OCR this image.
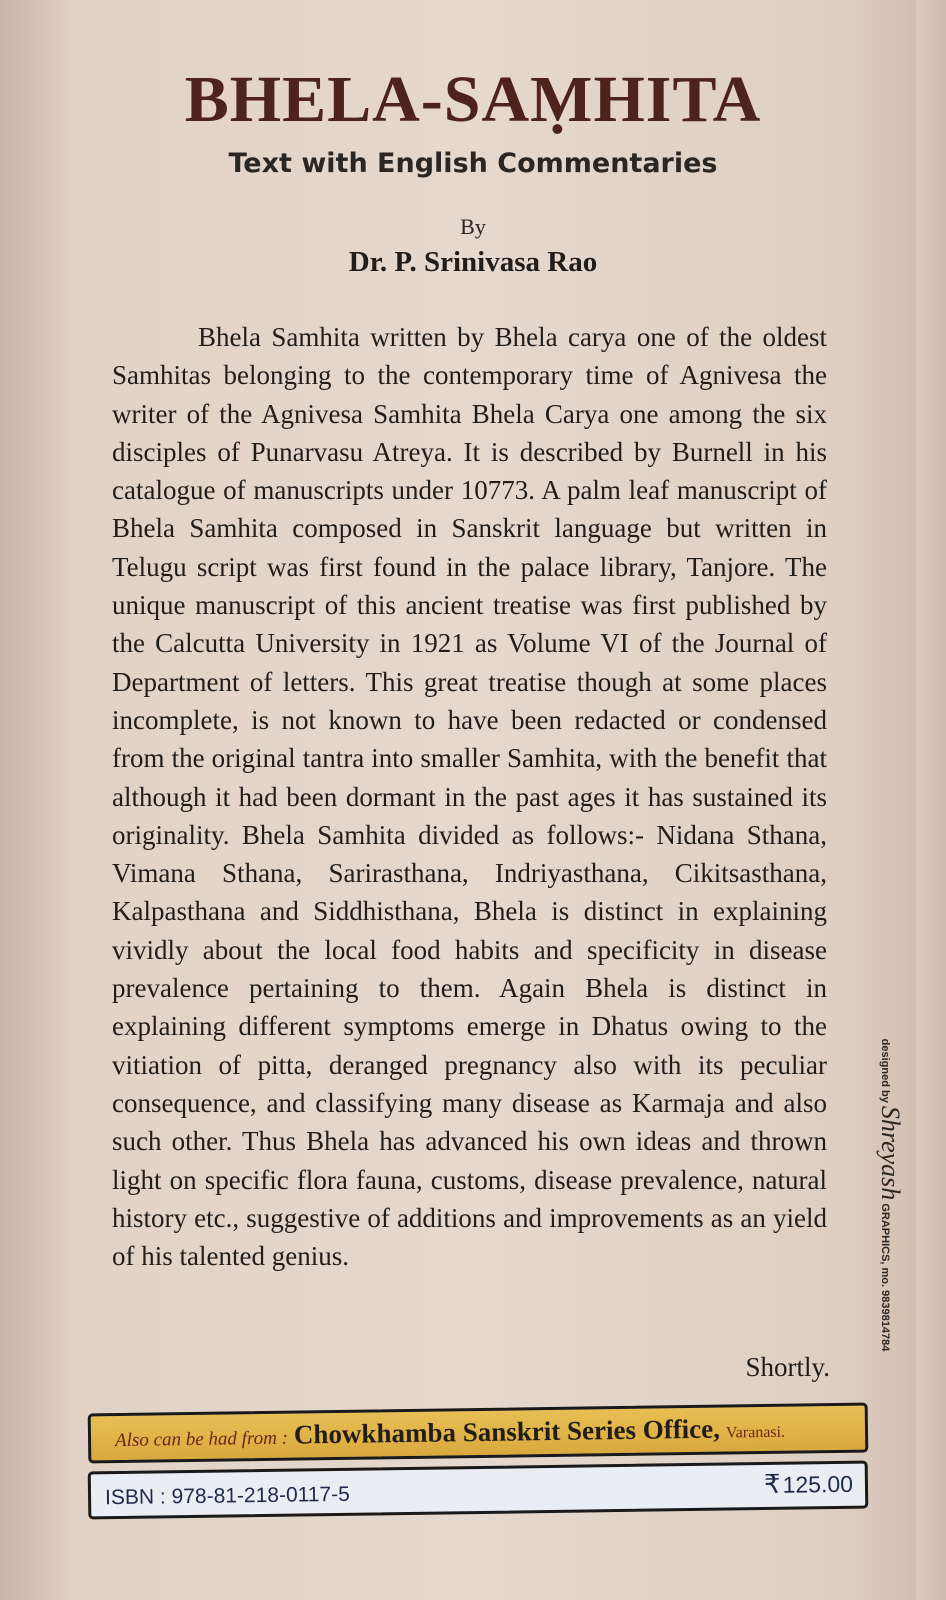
BHELA-SAṂHITA
Text with English Commentaries
By
Dr. P. Srinivasa Rao

Bhela Samhita written by Bhela carya one of the oldest Samhitas belonging to the contemporary time of Agnivesa the writer of the Agnivesa Samhita Bhela Carya one among the six disciples of Punarvasu Atreya. It is described by Burnell in his catalogue of manuscripts under 10773. A palm leaf manuscript of Bhela Samhita composed in Sanskrit language but written in Telugu script was first found in the palace library, Tanjore. The unique manuscript of this ancient treatise was first published by the Calcutta University in 1921 as Volume VI of the Journal of Department of letters. This great treatise though at some places incomplete, is not known to have been redacted or condensed from the original tantra into smaller Samhita, with the benefit that although it had been dormant in the past ages it has sustained its originality. Bhela Samhita divided as follows:- Nidana Sthana, Vimana Sthana, Sarirasthana, Indriyasthana, Cikitsasthana, Kalpasthana and Siddhisthana, Bhela is distinct in explaining vividly about the local food habits and specificity in disease prevalence pertaining to them. Again Bhela is distinct in explaining different symptoms emerge in Dhatus owing to the vitiation of pitta, deranged pregnancy also with its peculiar consequence, and classifying many disease as Karmaja and also such other. Thus Bhela has advanced his own ideas and thrown light on specific flora fauna, customs, disease prevalence, natural history etc., suggestive of additions and improvements as an yield of his talented genius.

Shortly.
designed by Shreyash GRAPHICS, mo. 9839814784
Also can be had from : Chowkhamba Sanskrit Series Office, Varanasi.
ISBN : 978-81-218-0117-5	₹125.00
